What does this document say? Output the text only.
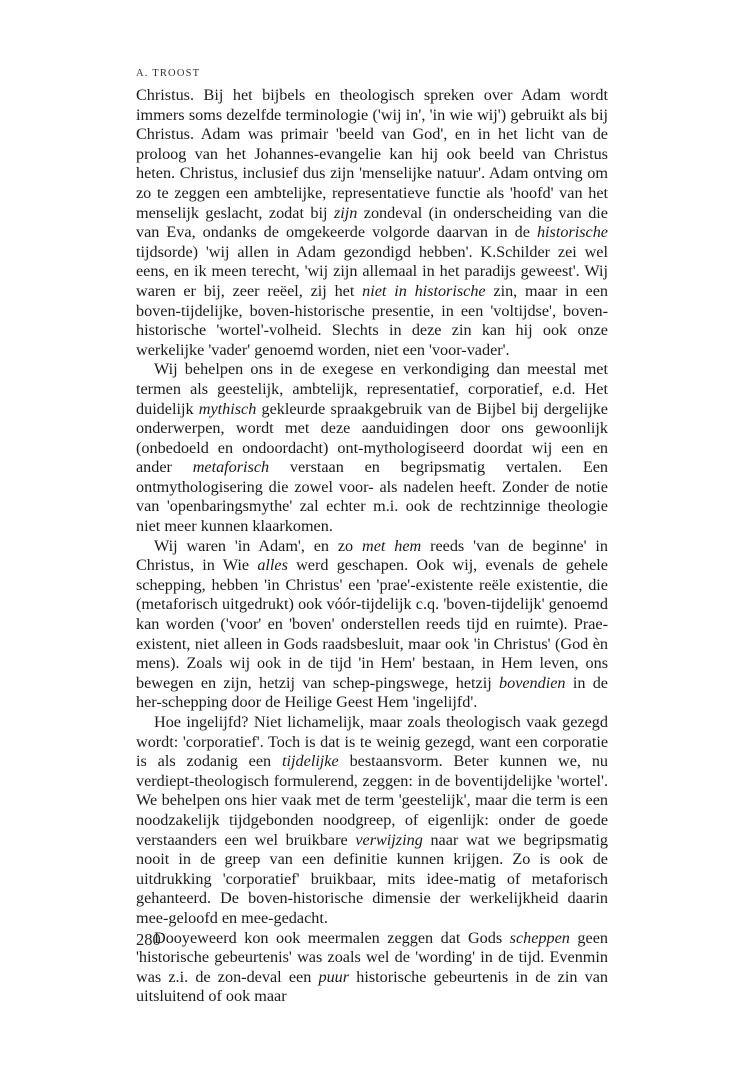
A. TROOST

Christus. Bij het bijbels en theologisch spreken over Adam wordt immers soms dezelfde terminologie ('wij in', 'in wie wij') gebruikt als bij Christus. Adam was primair 'beeld van God', en in het licht van de proloog van het Johannes-evangelie kan hij ook beeld van Christus heten. Christus, inclusief dus zijn 'menselijke natuur'. Adam ontving om zo te zeggen een ambtelijke, representatieve functie als 'hoofd' van het menselijk geslacht, zodat bij zijn zondeval (in onderscheiding van die van Eva, ondanks de omgekeerde volgorde daarvan in de historische tijdsorde) 'wij allen in Adam gezondigd hebben'. K.Schilder zei wel eens, en ik meen terecht, 'wij zijn allemaal in het paradijs geweest'. Wij waren er bij, zeer reëel, zij het niet in historische zin, maar in een boven-tijdelijke, boven-historische presentie, in een 'voltijdse', boven-historische 'wortel'-volheid. Slechts in deze zin kan hij ook onze werkelijke 'vader' genoemd worden, niet een 'voor-vader'.

Wij behelpen ons in de exegese en verkondiging dan meestal met termen als geestelijk, ambtelijk, representatief, corporatief, e.d. Het duidelijk mythisch gekleurde spraakgebruik van de Bijbel bij dergelijke onderwerpen, wordt met deze aanduidingen door ons gewoonlijk (onbedoeld en ondoordacht) ont-mythologiseerd doordat wij een en ander metaforisch verstaan en begripsmatig vertalen. Een ontmythologisering die zowel voor- als nadelen heeft. Zonder de notie van 'openbaringsmythe' zal echter m.i. ook de rechtzinnige theologie niet meer kunnen klaarkomen.

Wij waren 'in Adam', en zo met hem reeds 'van de beginne' in Christus, in Wie alles werd geschapen. Ook wij, evenals de gehele schepping, hebben 'in Christus' een 'prae'-existente reële existentie, die (metaforisch uitgedrukt) ook vóór-tijdelijk c.q. 'boven-tijdelijk' genoemd kan worden ('voor' en 'boven' onderstellen reeds tijd en ruimte). Prae-existent, niet alleen in Gods raadsbesluit, maar ook 'in Christus' (God èn mens). Zoals wij ook in de tijd 'in Hem' bestaan, in Hem leven, ons bewegen en zijn, hetzij van schep-pingswege, hetzij bovendien in de her-schepping door de Heilige Geest Hem 'ingelijfd'.

Hoe ingelijfd? Niet lichamelijk, maar zoals theologisch vaak gezegd wordt: 'corporatief'. Toch is dat is te weinig gezegd, want een corporatie is als zodanig een tijdelijke bestaansvorm. Beter kunnen we, nu verdiept-theologisch formulerend, zeggen: in de boventijdelijke 'wortel'. We behelpen ons hier vaak met de term 'geestelijk', maar die term is een noodzakelijk tijdgebonden noodgreep, of eigenlijk: onder de goede verstaanders een wel bruikbare verwijzing naar wat we begripsmatig nooit in de greep van een definitie kunnen krijgen. Zo is ook de uitdrukking 'corporatief' bruikbaar, mits idee-matig of metaforisch gehanteerd. De boven-historische dimensie der werkelijkheid daarin mee-geloofd en mee-gedacht.

Dooyeweerd kon ook meermalen zeggen dat Gods scheppen geen 'historische gebeurtenis' was zoals wel de 'wording' in de tijd. Evenmin was z.i. de zon-deval een puur historische gebeurtenis in de zin van uitsluitend of ook maar

280
